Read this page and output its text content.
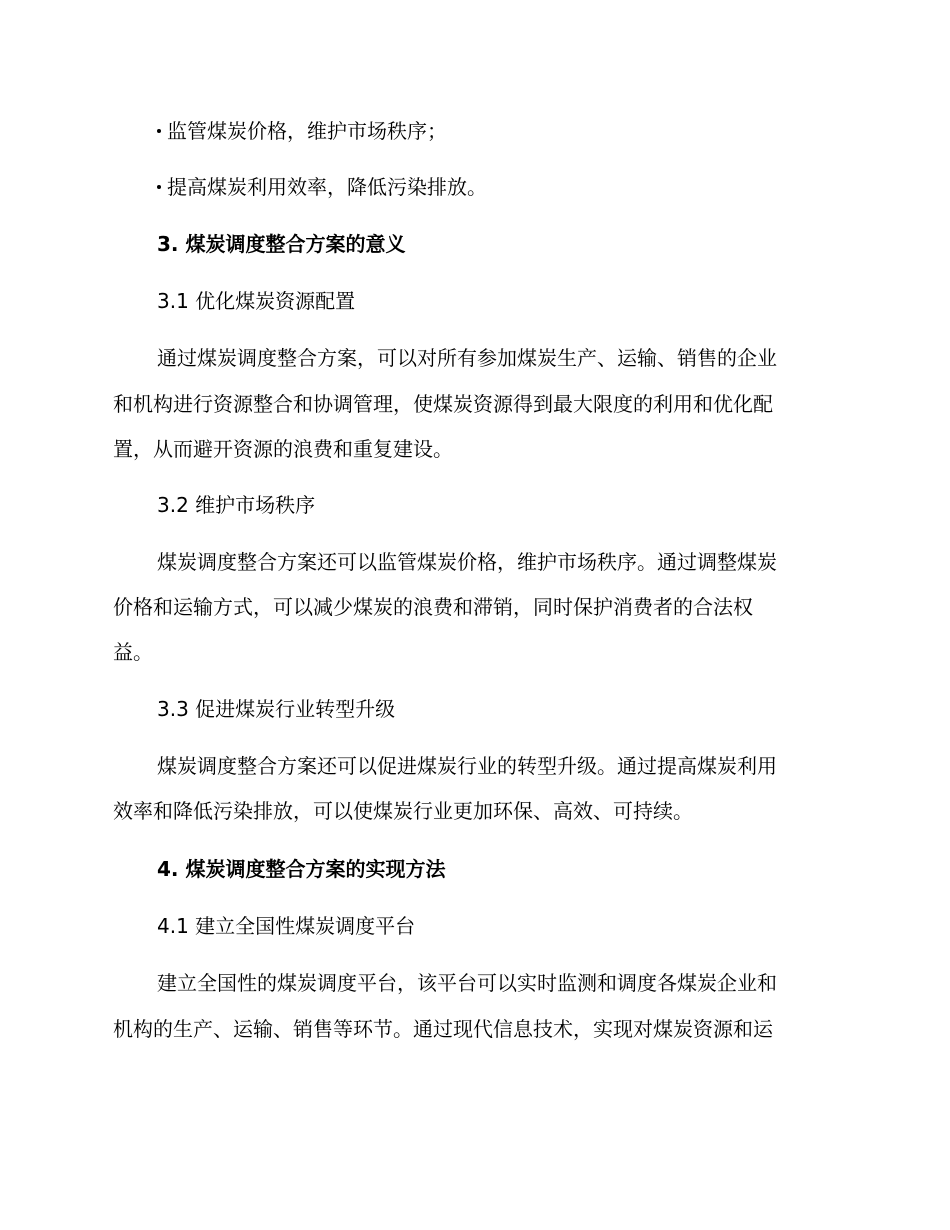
监管煤炭价格，维护市场秩序；
提高煤炭利用效率，降低污染排放。
3. 煤炭调度整合方案的意义
3.1 优化煤炭资源配置
通过煤炭调度整合方案，可以对所有参加煤炭生产、运输、销售的企业
和机构进行资源整合和协调管理，使煤炭资源得到最大限度的利用和优化配
置，从而避开资源的浪费和重复建设。
3.2 维护市场秩序
煤炭调度整合方案还可以监管煤炭价格，维护市场秩序。通过调整煤炭
价格和运输方式，可以减少煤炭的浪费和滞销，同时保护消费者的合法权
益。
3.3 促进煤炭行业转型升级
煤炭调度整合方案还可以促进煤炭行业的转型升级。通过提高煤炭利用
效率和降低污染排放，可以使煤炭行业更加环保、高效、可持续。
4. 煤炭调度整合方案的实现方法
4.1 建立全国性煤炭调度平台
建立全国性的煤炭调度平台，该平台可以实时监测和调度各煤炭企业和
机构的生产、运输、销售等环节。通过现代信息技术，实现对煤炭资源和运
